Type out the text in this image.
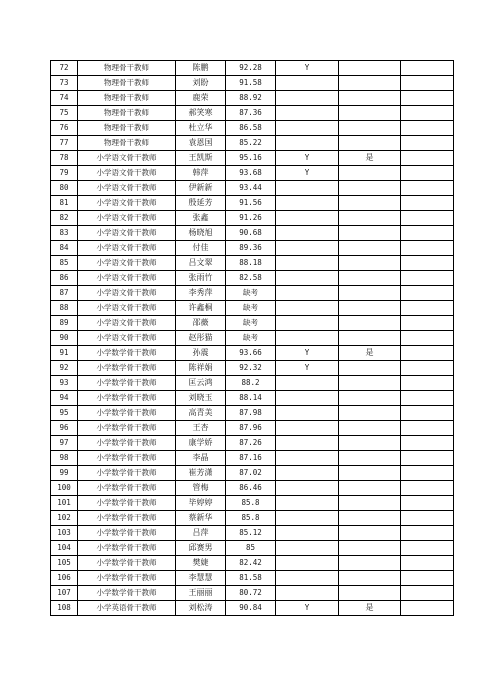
72	物理骨干教师	陈鹏	92.28	Y		
73	物理骨干教师	刘盼	91.58			
74	物理骨干教师	鹿荣	88.92			
75	物理骨干教师	郝笑寒	87.36			
76	物理骨干教师	杜立华	86.58			
77	物理骨干教师	袁恩国	85.22			
78	小学语文骨干教师	王凯斯	95.16	Y	是	
79	小学语文骨干教师	韩萍	93.68	Y		
80	小学语文骨干教师	伊新新	93.44			
81	小学语文骨干教师	殷延芳	91.56			
82	小学语文骨干教师	张鑫	91.26			
83	小学语文骨干教师	杨晓旭	90.68			
84	小学语文骨干教师	付佳	89.36			
85	小学语文骨干教师	吕文翠	88.18			
86	小学语文骨干教师	张雨竹	82.58			
87	小学语文骨干教师	李秀萍	缺考			
88	小学语文骨干教师	许鑫桐	缺考			
89	小学语文骨干教师	邵薇	缺考			
90	小学语文骨干教师	赵彤猫	缺考			
91	小学数学骨干教师	孙震	93.66	Y	是	
92	小学数学骨干教师	陈祥娟	92.32	Y		
93	小学数学骨干教师	匡云鸿	88.2			
94	小学数学骨干教师	刘晓玉	88.14			
95	小学数学骨干教师	高青美	87.98			
96	小学数学骨干教师	王杏	87.96			
97	小学数学骨干教师	康学娇	87.26			
98	小学数学骨干教师	李晶	87.16			
99	小学数学骨干教师	崔芳潇	87.02			
100	小学数学骨干教师	管梅	86.46			
101	小学数学骨干教师	毕婷婷	85.8			
102	小学数学骨干教师	蔡新华	85.8			
103	小学数学骨干教师	吕萍	85.12			
104	小学数学骨干教师	邱赛男	85			
105	小学数学骨干教师	樊婕	82.42			
106	小学数学骨干教师	李慧慧	81.58			
107	小学数学骨干教师	王丽丽	80.72			
108	小学英语骨干教师	刘松涛	90.84	Y	是	
